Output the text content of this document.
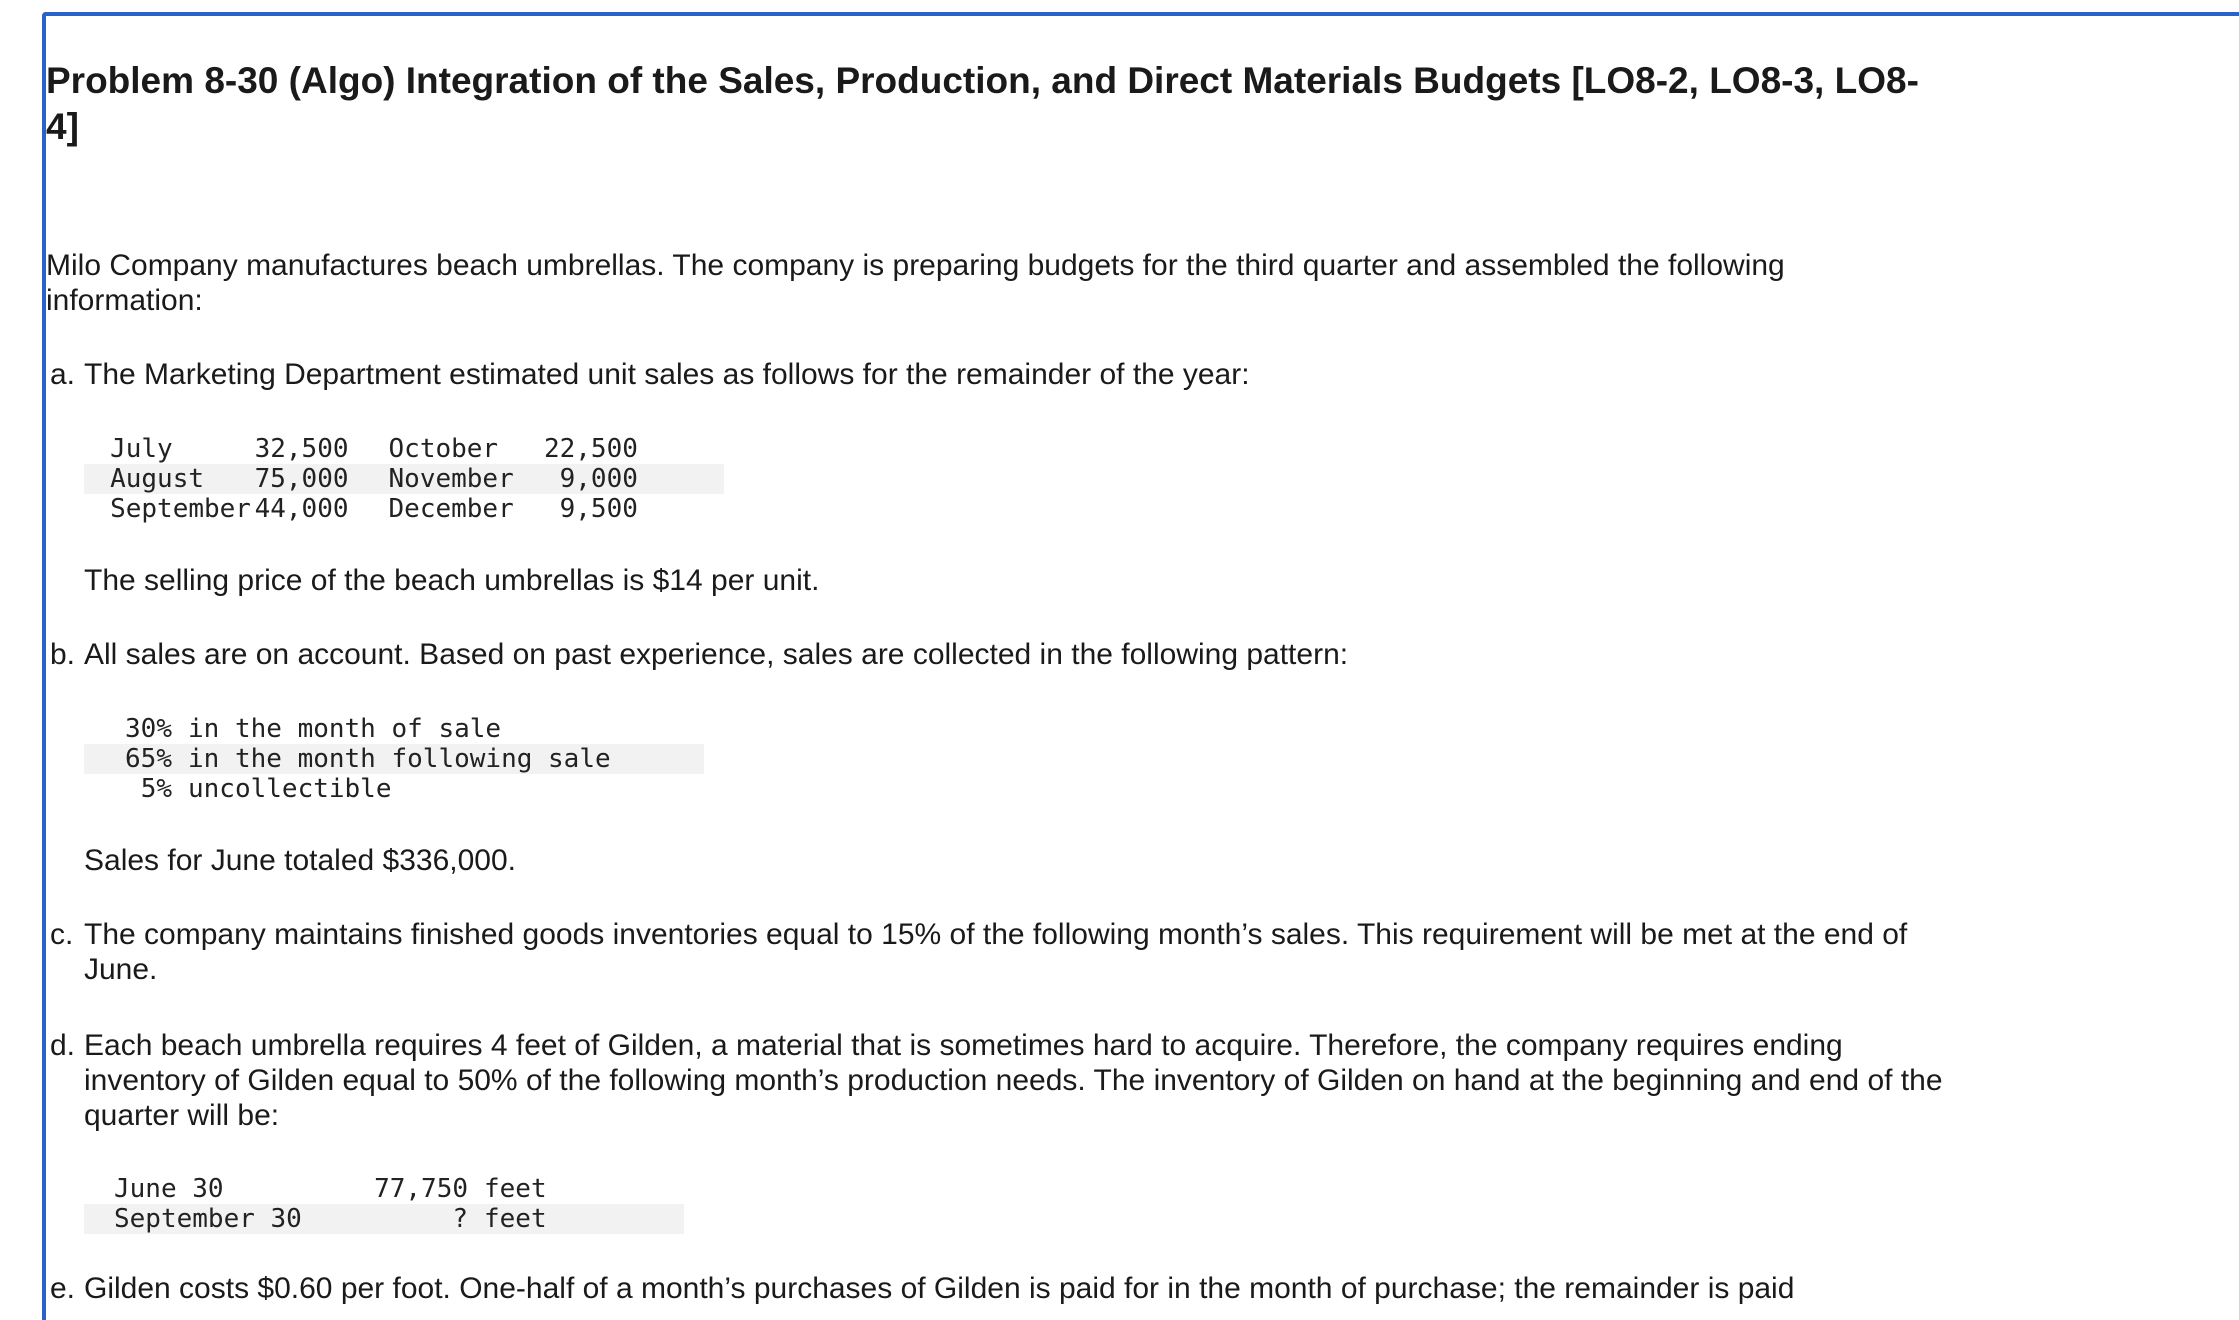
Problem 8-30 (Algo) Integration of the Sales, Production, and Direct Materials Budgets [LO8-2, LO8-3, LO8-4]

Milo Company manufactures beach umbrellas. The company is preparing budgets for the third quarter and assembled the following information:

a. The Marketing Department estimated unit sales as follows for the remainder of the year:
	July	32,500	October	22,500	
	August	75,000	November	9,000	
	September	44,000	December	9,500	

The selling price of the beach umbrellas is $14 per unit.

b. All sales are on account. Based on past experience, sales are collected in the following pattern:
	30%	in the month of sale
	65%	in the month following sale
	5%	uncollectible

Sales for June totaled $336,000.

c. The company maintains finished goods inventories equal to 15% of the following month’s sales. This requirement will be met at the end of June.
d. Each beach umbrella requires 4 feet of Gilden, a material that is sometimes hard to acquire. Therefore, the company requires ending inventory of Gilden equal to 50% of the following month’s production needs. The inventory of Gilden on hand at the beginning and end of the quarter will be:
	June 30	77,750	feet
	September 30	?	feet
e. Gilden costs $0.60 per foot. One-half of a month’s purchases of Gilden is paid for in the month of purchase; the remainder is paid
